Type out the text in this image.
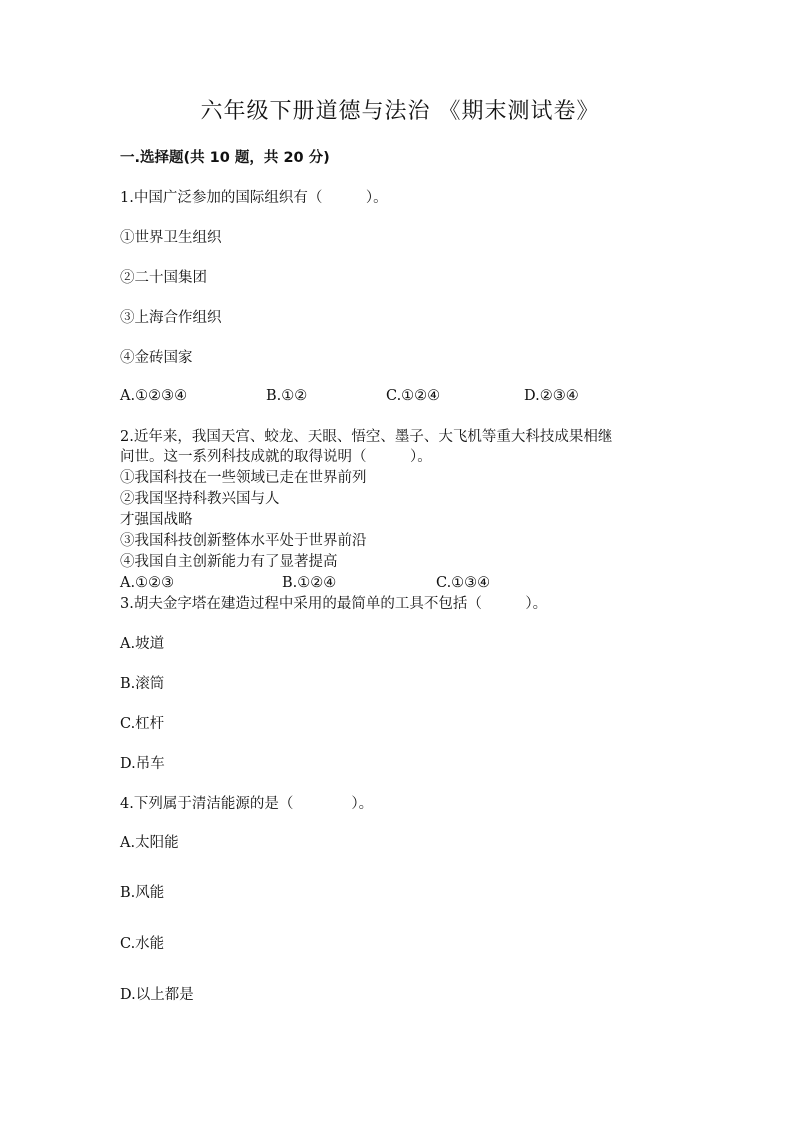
六年级下册道德与法治 《期末测试卷》
一.选择题(共 10 题，共 20 分)
1.中国广泛参加的国际组织有（　　　）。
①世界卫生组织
②二十国集团
③上海合作组织
④金砖国家
A.①②③④	B.①②	C.①②④	D.②③④
2.近年来，我国天宫、蛟龙、天眼、悟空、墨子、大飞机等重大科技成果相继
问世。这一系列科技成就的取得说明（　　　）。
①我国科技在一些领域已走在世界前列
②我国坚持科教兴国与人
才强国战略
③我国科技创新整体水平处于世界前沿
④我国自主创新能力有了显著提高
A.①②③	B.①②④	C.①③④
3.胡夫金字塔在建造过程中采用的最简单的工具不包括（　　　）。
A.坡道
B.滚筒
C.杠杆
D.吊车
4.下列属于清洁能源的是（　　　　）。
A.太阳能
B.风能
C.水能
D.以上都是
